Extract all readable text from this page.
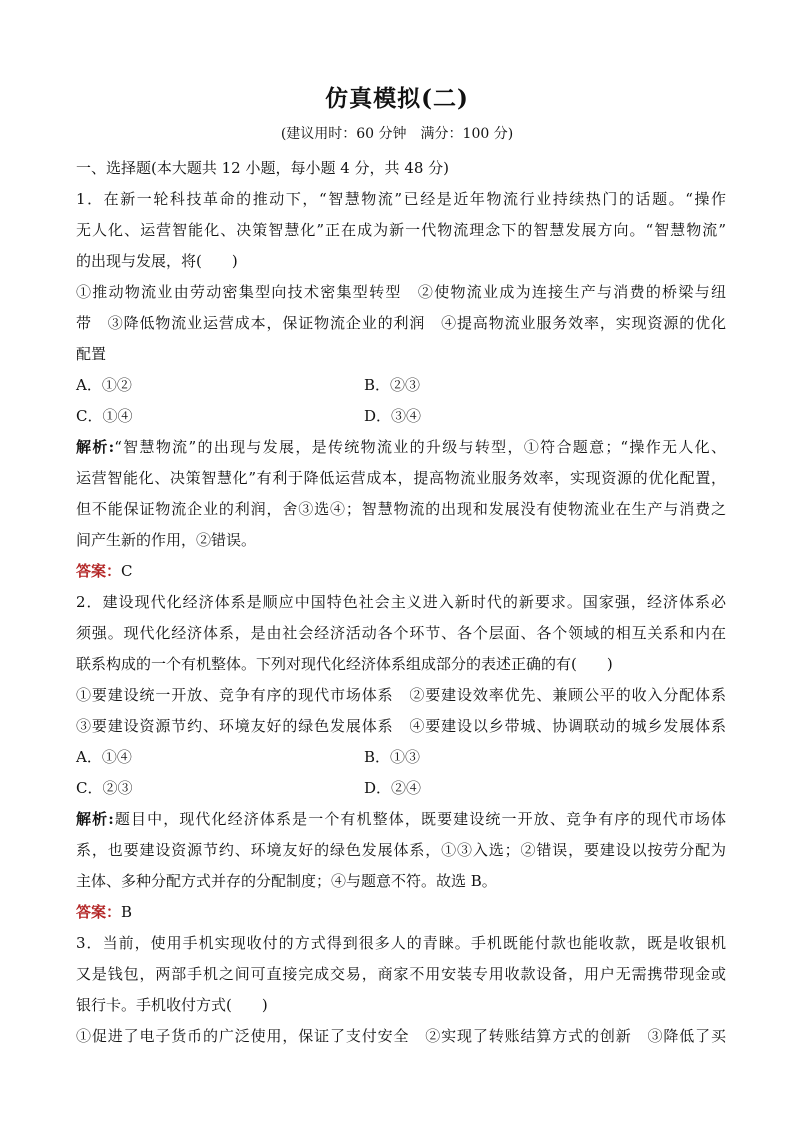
仿真模拟(二)
(建议用时：60 分钟　满分：100 分)
一、选择题(本大题共 12 小题，每小题 4 分，共 48 分)
1．在新一轮科技革命的推动下，“智慧物流”已经是近年物流行业持续热门的话题。“操作
无人化、运营智能化、决策智慧化”正在成为新一代物流理念下的智慧发展方向。“智慧物流”
的出现与发展，将(　　)
①推动物流业由劳动密集型向技术密集型转型　②使物流业成为连接生产与消费的桥梁与纽
带　③降低物流业运营成本，保证物流企业的利润　④提高物流业服务效率，实现资源的优化
配置
A．①②	B．②③
C．①④	D．③④
解析:“智慧物流”的出现与发展，是传统物流业的升级与转型，①符合题意；“操作无人化、
运营智能化、决策智慧化”有利于降低运营成本，提高物流业服务效率，实现资源的优化配置，
但不能保证物流企业的利润，舍③选④；智慧物流的出现和发展没有使物流业在生产与消费之
间产生新的作用，②错误。
答案：C
2．建设现代化经济体系是顺应中国特色社会主义进入新时代的新要求。国家强，经济体系必
须强。现代化经济体系，是由社会经济活动各个环节、各个层面、各个领域的相互关系和内在
联系构成的一个有机整体。下列对现代化经济体系组成部分的表述正确的有(　　)
①要建设统一开放、竞争有序的现代市场体系　②要建设效率优先、兼顾公平的收入分配体系
③要建设资源节约、环境友好的绿色发展体系　④要建设以乡带城、协调联动的城乡发展体系
A．①④	B．①③
C．②③	D．②④
解析:题目中，现代化经济体系是一个有机整体，既要建设统一开放、竞争有序的现代市场体
系，也要建设资源节约、环境友好的绿色发展体系，①③入选；②错误，要建设以按劳分配为
主体、多种分配方式并存的分配制度；④与题意不符。故选 B。
答案：B
3．当前，使用手机实现收付的方式得到很多人的青睐。手机既能付款也能收款，既是收银机
又是钱包，两部手机之间可直接完成交易，商家不用安装专用收款设备，用户无需携带现金或
银行卡。手机收付方式(　　)
①促进了电子货币的广泛使用，保证了支付安全　②实现了转账结算方式的创新　③降低了买
